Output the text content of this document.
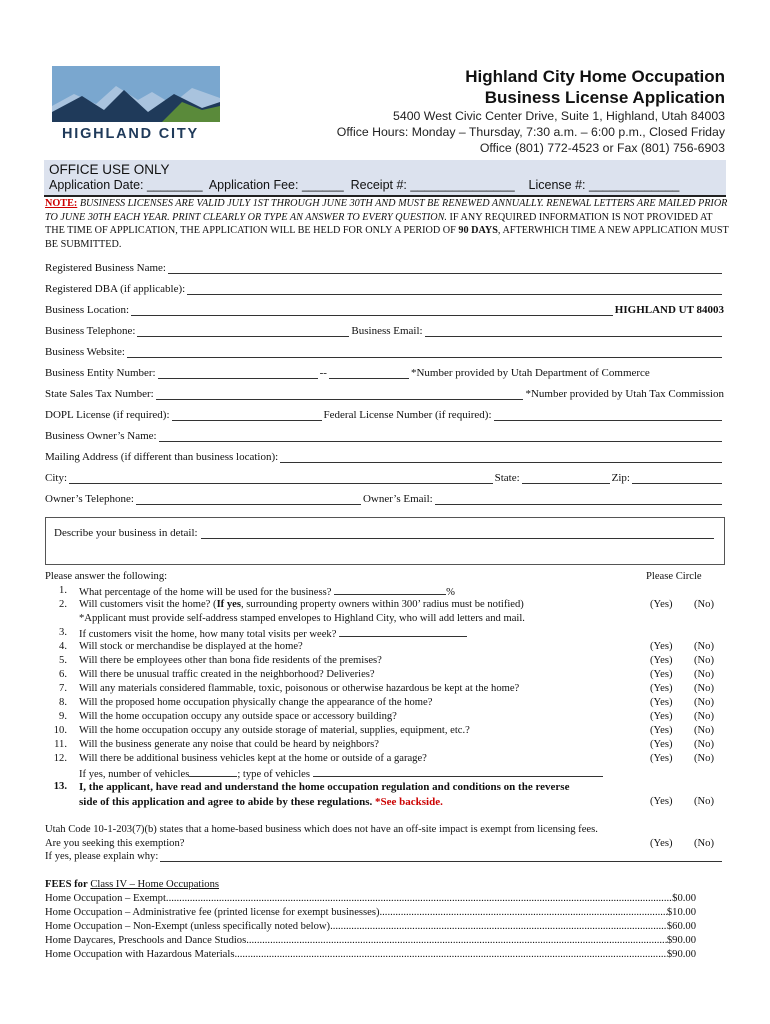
HIGHLAND CITY
Highland City Home Occupation
Business License Application
5400 West Civic Center Drive, Suite 1, Highland, Utah 84003
Office Hours: Monday – Thursday, 7:30 a.m. – 6:00 p.m., Closed Friday
Office (801) 772-4523 or Fax (801) 756-6903
OFFICE USE ONLY
Application Date: ________  Application Fee: ______  Receipt #: _______________    License #: _____________
NOTE: BUSINESS LICENSES ARE VALID JULY 1ST THROUGH JUNE 30TH AND MUST BE RENEWED ANNUALLY. RENEWAL LETTERS ARE MAILED PRIOR TO JUNE 30TH EACH YEAR. PRINT CLEARLY OR TYPE AN ANSWER TO EVERY QUESTION. IF ANY REQUIRED INFORMATION IS NOT PROVIDED AT THE TIME OF APPLICATION, THE APPLICATION WILL BE HELD FOR ONLY A PERIOD OF 90 DAYS, AFTERWHICH TIME A NEW APPLICATION MUST BE SUBMITTED.
Registered Business Name:
Registered DBA (if applicable):
Business Location:	HIGHLAND UT 84003
Business Telephone:	Business Email:
Business Website:
Business Entity Number:	--	*Number provided by Utah Department of Commerce
State Sales Tax Number:	*Number provided by Utah Tax Commission
DOPL License (if required):	Federal License Number (if required):
Business Owner’s Name:
Mailing Address (if different than business location):
City:	State:	Zip:
Owner’s Telephone:	Owner’s Email:
Describe your business in detail:
Please answer the following:	Please Circle
1. What percentage of the home will be used for the business?	%
2. Will customers visit the home? (If yes, surrounding property owners within 300’ radius must be notified)	(Yes) (No)
*Applicant must provide self-address stamped envelopes to Highland City, who will add letters and mail.
3. If customers visit the home, how many total visits per week?
4. Will stock or merchandise be displayed at the home?	(Yes) (No)
5. Will there be employees other than bona fide residents of the premises?	(Yes) (No)
6. Will there be unusual traffic created in the neighborhood? Deliveries?	(Yes) (No)
7. Will any materials considered flammable, toxic, poisonous or otherwise hazardous be kept at the home?	(Yes) (No)
8. Will the proposed home occupation physically change the appearance of the home?	(Yes) (No)
9. Will the home occupation occupy any outside space or accessory building?	(Yes) (No)
10. Will the home occupation occupy any outside storage of material, supplies, equipment, etc.?	(Yes) (No)
11. Will the business generate any noise that could be heard by neighbors?	(Yes) (No)
12. Will there be additional business vehicles kept at the home or outside of a garage?	(Yes) (No)
If yes, number of vehicles	; type of vehicles
13. I, the applicant, have read and understand the home occupation regulation and conditions on the reverse
side of this application and agree to abide by these regulations. *See backside.	(Yes) (No)
Utah Code 10-1-203(7)(b) states that a home-based business which does not have an off-site impact is exempt from licensing fees.
Are you seeking this exemption?	(Yes) (No)
If yes, please explain why:
FEES for Class IV – Home Occupations
Home Occupation – Exempt .....	$0.00
Home Occupation – Administrative fee (printed license for exempt businesses) .....	$10.00
Home Occupation – Non-Exempt (unless specifically noted below) .....	$60.00
Home Daycares, Preschools and Dance Studios .....	$90.00
Home Occupation with Hazardous Materials .....	$90.00
